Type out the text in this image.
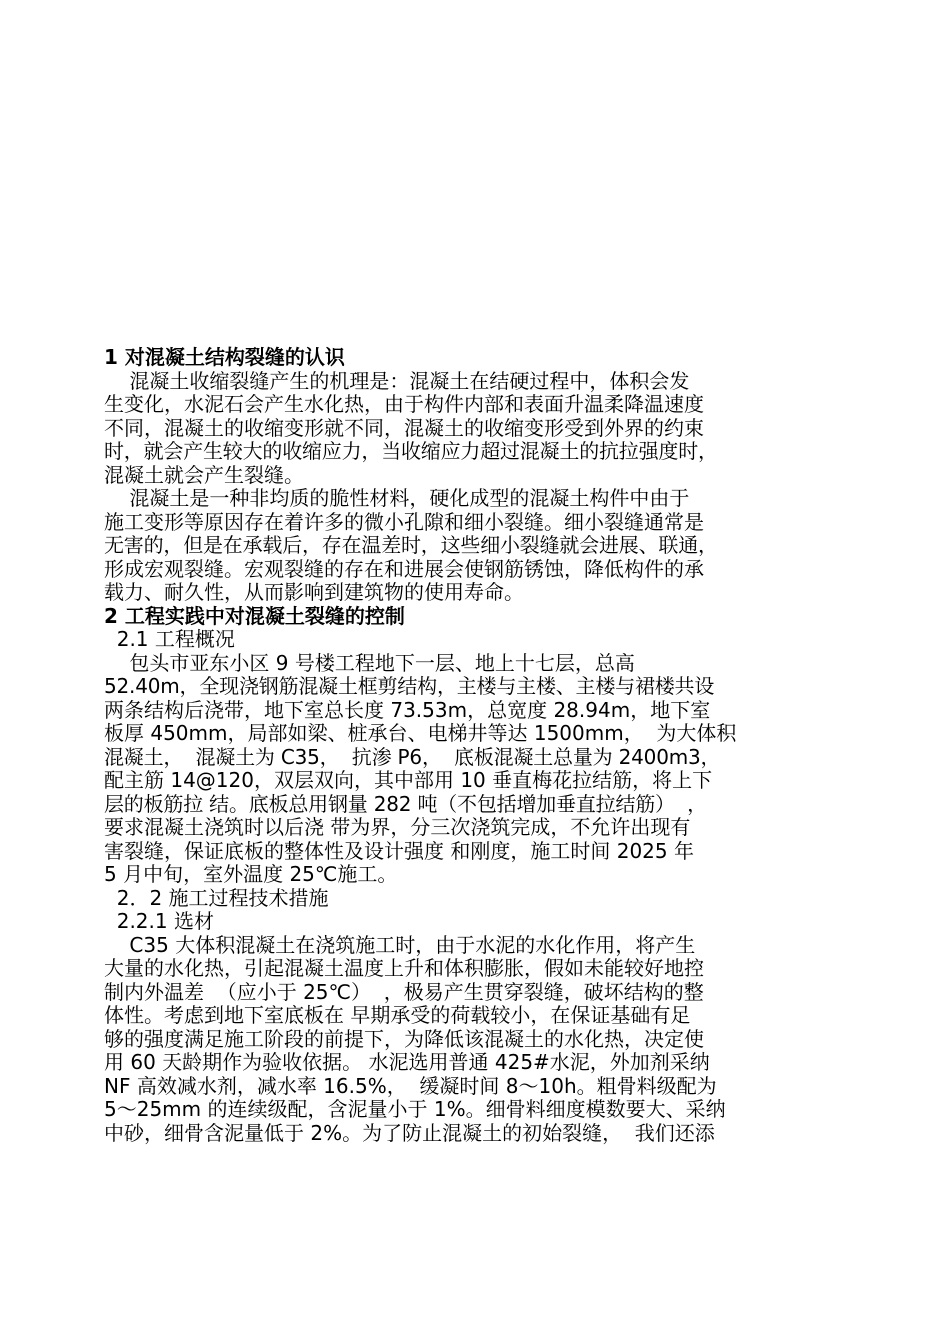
1 对混凝土结构裂缝的认识
混凝土收缩裂缝产生的机理是：混凝土在结硬过程中，体积会发
生变化，水泥石会产生水化热，由于构件内部和表面升温柔降温速度
不同，混凝土的收缩变形就不同，混凝土的收缩变形受到外界的约束
时，就会产生较大的收缩应力，当收缩应力超过混凝土的抗拉强度时，
混凝土就会产生裂缝。
混凝土是一种非均质的脆性材料，硬化成型的混凝土构件中由于
施工变形等原因存在着许多的微小孔隙和细小裂缝。细小裂缝通常是
无害的，但是在承载后，存在温差时，这些细小裂缝就会进展、联通，
形成宏观裂缝。宏观裂缝的存在和进展会使钢筋锈蚀，降低构件的承
载力、耐久性，从而影响到建筑物的使用寿命。
2 工程实践中对混凝土裂缝的控制
2.1 工程概况
包头市亚东小区 9 号楼工程地下一层、地上十七层，总高
52.40m，全现浇钢筋混凝土框剪结构，主楼与主楼、主楼与裙楼共设
两条结构后浇带，地下室总长度 73.53m，总宽度 28.94m，地下室
板厚 450mm，局部如梁、桩承台、电梯井等达 1500mm，  为大体积
混凝土，  混凝土为 C35，  抗渗 P6，  底板混凝土总量为 2400m3，
配主筋 14@120，双层双向，其中部用 10 垂直梅花拉结筋，将上下
层的板筋拉 结。底板总用钢量 282 吨（不包括增加垂直拉结筋）  ，
要求混凝土浇筑时以后浇 带为界，分三次浇筑完成，不允许出现有
害裂缝，保证底板的整体性及设计强度 和刚度，施工时间 2025 年
5 月中旬，室外温度 25℃施工。
2．2 施工过程技术措施
2.2.1 选材
C35 大体积混凝土在浇筑施工时，由于水泥的水化作用，将产生
大量的水化热，引起混凝土温度上升和体积膨胀，假如未能较好地控
制内外温差  （应小于 25℃）  ，极易产生贯穿裂缝，破坏结构的整
体性。考虑到地下室底板在 早期承受的荷载较小，在保证基础有足
够的强度满足施工阶段的前提下，为降低该混凝土的水化热，决定使
用 60 天龄期作为验收依据。 水泥选用普通 425#水泥，外加剂采纳
NF 高效减水剂，减水率 16.5%，  缓凝时间 8～10h。粗骨料级配为
5～25mm 的连续级配，含泥量小于 1%。细骨料细度模数要大、采纳
中砂，细骨含泥量低于 2%。为了防止混凝土的初始裂缝，  我们还添
